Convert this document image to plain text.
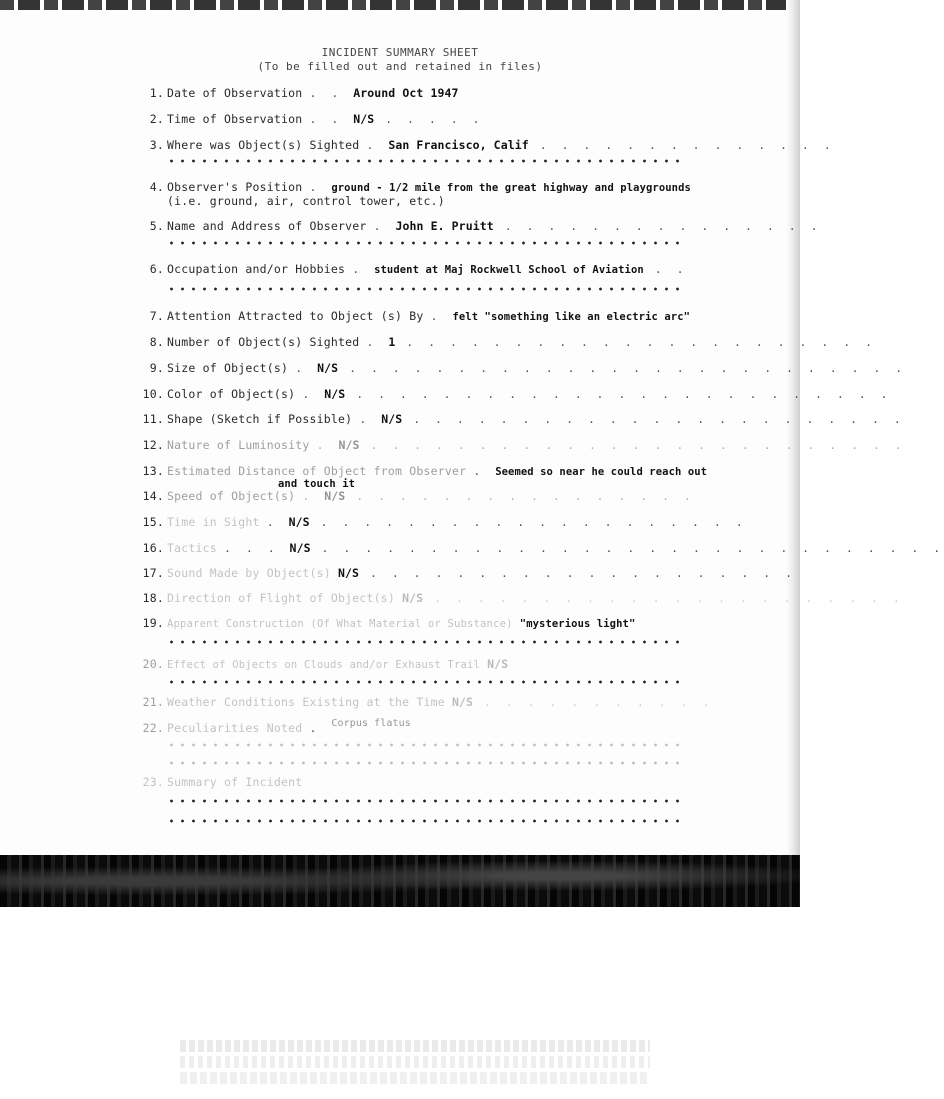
INCIDENT SUMMARY SHEET
(To be filled out and retained in files)
1. Date of Observation . . Around Oct 1947
2. Time of Observation . . N/S . . . . .
3. Where was Object(s) Sighted . San Francisco, Calif . . . . . . . . . . . . . .
4. Observer's Position . ground - 1/2 mile from the great highway and playgrounds
(i.e. ground, air, control tower, etc.)
5. Name and Address of Observer . John E. Pruitt . . . . . . . . . . . . . . .
6. Occupation and/or Hobbies . student at Maj Rockwell School of Aviation . .
7. Attention Attracted to Object (s) By . felt "something like an electric arc"
8. Number of Object(s) Sighted . 1 . . . . . . . . . . . . . . . . . . . . . .
9. Size of Object(s) . N/S . . . . . . . . . . . . . . . . . . . . . . . . . .
10. Color of Object(s) . N/S . . . . . . . . . . . . . . . . . . . . . . . . .
11. Shape (Sketch if Possible) . N/S . . . . . . . . . . . . . . . . . . . . . . .
12. Nature of Luminosity . N/S . . . . . . . . . . . . . . . . . . . . . . . . .
13. Estimated Distance of Object from Observer . Seemed so near he could reach out
and touch it
14. Speed of Object(s) . N/S . . . . . . . . . . . . . . . .
15. Time in Sight . N/S . . . . . . . . . . . . . . . . . . . .
16. Tactics . . . N/S . . . . . . . . . . . . . . . . . . . . . . . . . . . . .
17. Sound Made by Object(s) N/S . . . . . . . . . . . . . . . . . . . .
18. Direction of Flight of Object(s) N/S . . . . . . . . . . . . . . . . . . . . . .
19. Apparent Construction (Of What Material or Substance) "mysterious light"
20. Effect of Objects on Clouds and/or Exhaust Trail N/S
21. Weather Conditions Existing at the Time N/S . . . . . . . . . . .
22. Peculiarities Noted . Corpus flatus
23. Summary of Incident
